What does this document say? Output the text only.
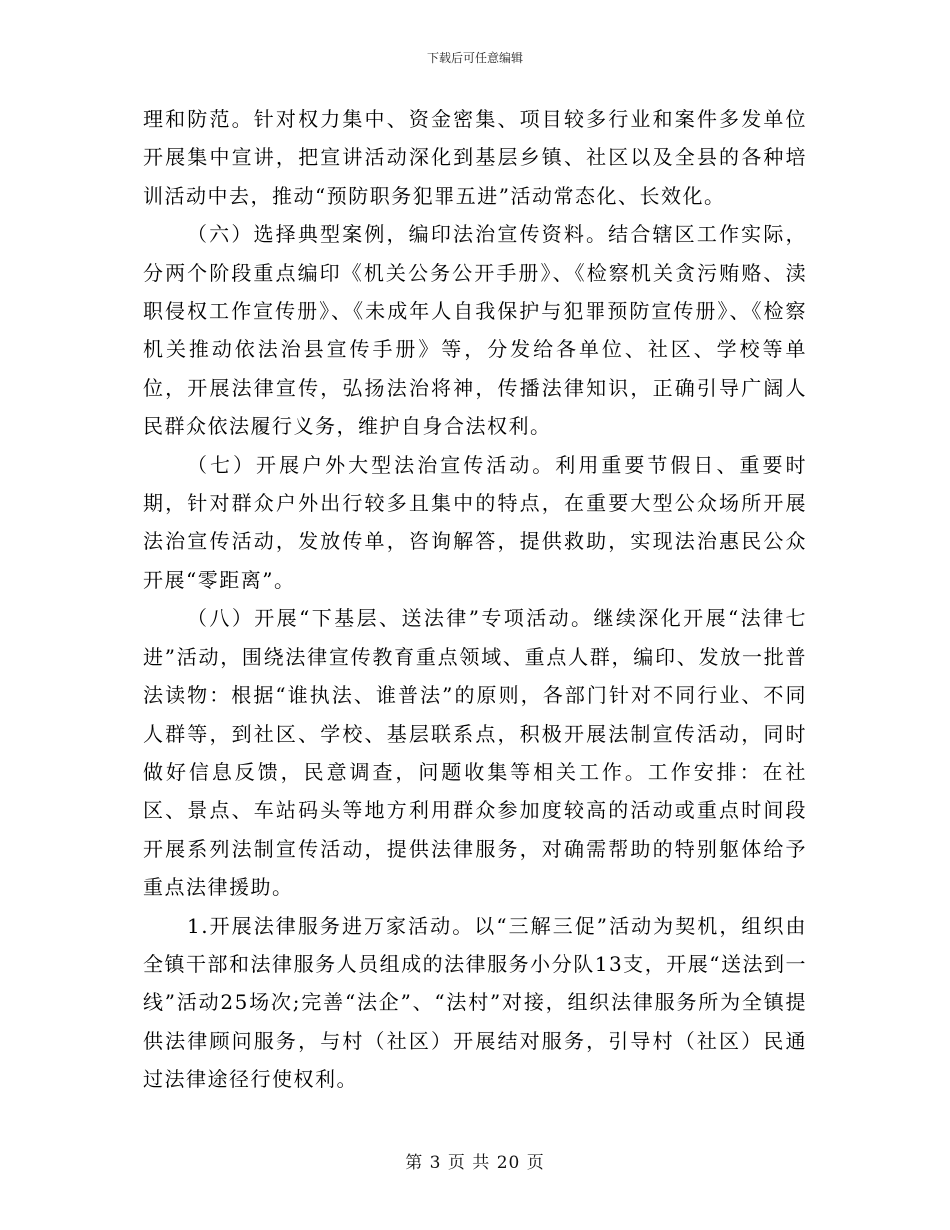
下载后可任意编辑

理和防范。针对权力集中、资金密集、项目较多行业和案件多发单位开展集中宣讲，把宣讲活动深化到基层乡镇、社区以及全县的各种培训活动中去，推动“预防职务犯罪五进”活动常态化、长效化。

（六）选择典型案例，编印法治宣传资料。结合辖区工作实际，分两个阶段重点编印《机关公务公开手册》、《检察机关贪污贿赂、渎职侵权工作宣传册》、《未成年人自我保护与犯罪预防宣传册》、《检察机关推动依法治县宣传手册》等，分发给各单位、社区、学校等单位，开展法律宣传，弘扬法治将神，传播法律知识，正确引导广阔人民群众依法履行义务，维护自身合法权利。

（七）开展户外大型法治宣传活动。利用重要节假日、重要时期，针对群众户外出行较多且集中的特点，在重要大型公众场所开展法治宣传活动，发放传单，咨询解答，提供救助，实现法治惠民公众开展“零距离”。

（八）开展“下基层、送法律”专项活动。继续深化开展“法律七进”活动，围绕法律宣传教育重点领域、重点人群，编印、发放一批普法读物：根据“谁执法、谁普法”的原则，各部门针对不同行业、不同人群等，到社区、学校、基层联系点，积极开展法制宣传活动，同时做好信息反馈，民意调查，问题收集等相关工作。工作安排：在社区、景点、车站码头等地方利用群众参加度较高的活动或重点时间段开展系列法制宣传活动，提供法律服务，对确需帮助的特别躯体给予重点法律援助。

1.开展法律服务进万家活动。以“三解三促”活动为契机，组织由全镇干部和法律服务人员组成的法律服务小分队13支，开展“送法到一线”活动25场次;完善“法企”、“法村”对接，组织法律服务所为全镇提供法律顾问服务，与村（社区）开展结对服务，引导村（社区）民通过法律途径行使权利。

第 3 页 共 20 页
